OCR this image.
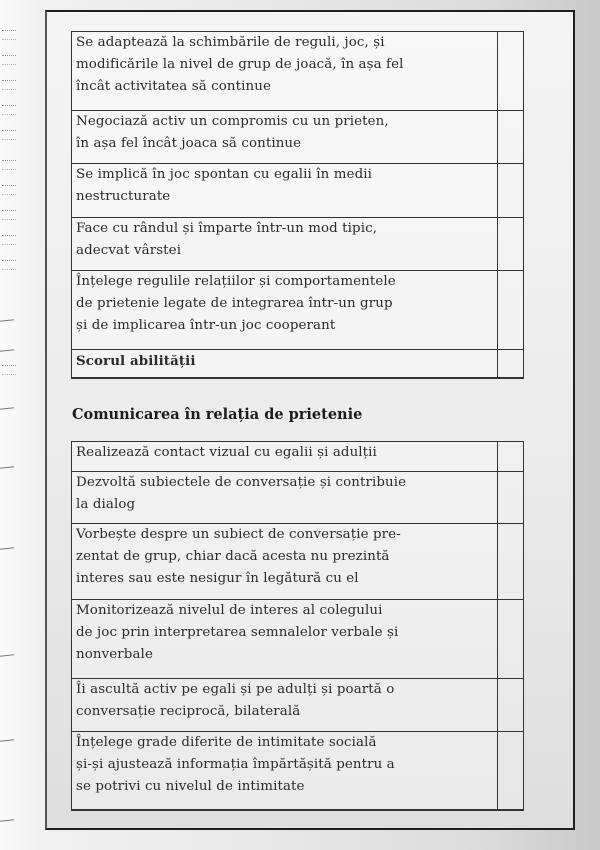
Se adaptează la schimbările de reguli, joc, și
modificările la nivel de grup de joacă, în așa fel
încât activitatea să continue	

Negociază activ un compromis cu un prieten,
în așa fel încât joaca să continue	

Se implică în joc spontan cu egalii în medii
nestructurate	

Face cu rândul și împarte într-un mod tipic,
adecvat vârstei	

Înțelege regulile relațiilor și comportamentele
de prietenie legate de integrarea într-un grup
și de implicarea într-un joc cooperant	

Scorul abilității	
Comunicarea în relația de prietenie
Realizează contact vizual cu egalii și adulții	

Dezvoltă subiectele de conversație și contribuie
la dialog	

Vorbește despre un subiect de conversație pre-
zentat de grup, chiar dacă acesta nu prezintă
interes sau este nesigur în legătură cu el	

Monitorizează nivelul de interes al colegului
de joc prin interpretarea semnalelor verbale și
nonverbale	

Îi ascultă activ pe egali și pe adulți și poartă o
conversație reciprocă, bilaterală	

Înțelege grade diferite de intimitate socială
și-și ajustează informația împărtășită pentru a
se potrivi cu nivelul de intimitate	
